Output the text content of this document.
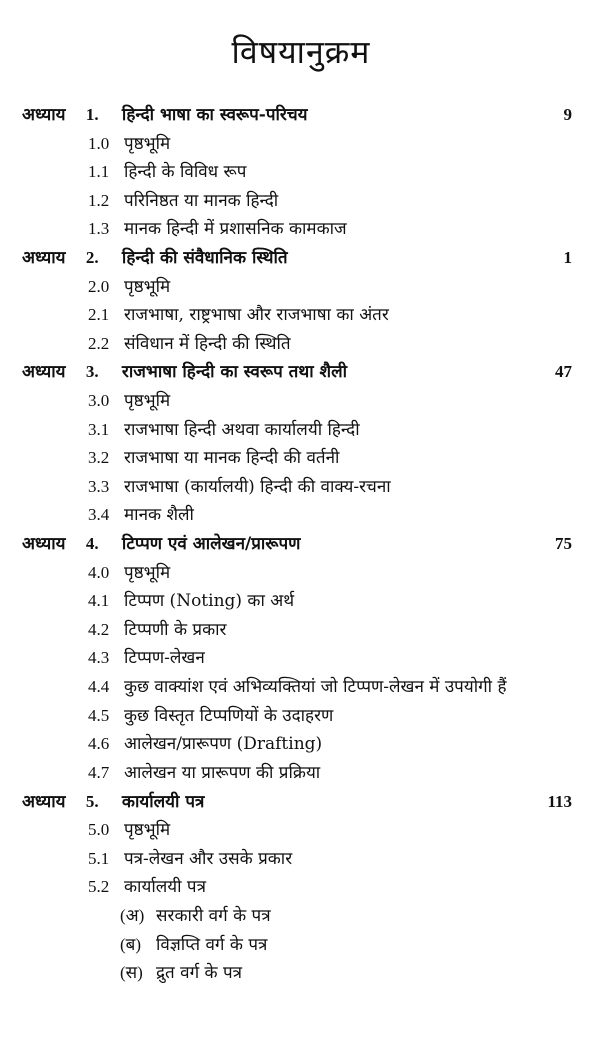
विषयानुक्रम
अध्याय 1. हिन्दी भाषा का स्वरूप-परिचय	9
1.0 पृष्ठभूमि
1.1 हिन्दी के विविध रूप
1.2 परिनिष्ठत या मानक हिन्दी
1.3 मानक हिन्दी में प्रशासनिक कामकाज
अध्याय 2. हिन्दी की संवैधानिक स्थिति	1
2.0 पृष्ठभूमि
2.1 राजभाषा, राष्ट्रभाषा और राजभाषा का अंतर
2.2 संविधान में हिन्दी की स्थिति
अध्याय 3. राजभाषा हिन्दी का स्वरूप तथा शैली	47
3.0 पृष्ठभूमि
3.1 राजभाषा हिन्दी अथवा कार्यालयी हिन्दी
3.2 राजभाषा या मानक हिन्दी की वर्तनी
3.3 राजभाषा (कार्यालयी) हिन्दी की वाक्य-रचना
3.4 मानक शैली
अध्याय 4. टिप्पण एवं आलेखन/प्रारूपण	75
4.0 पृष्ठभूमि
4.1 टिप्पण (Noting) का अर्थ
4.2 टिप्पणी के प्रकार
4.3 टिप्पण-लेखन
4.4 कुछ वाक्यांश एवं अभिव्यक्तियां जो टिप्पण-लेखन में उपयोगी हैं
4.5 कुछ विस्तृत टिप्पणियों के उदाहरण
4.6 आलेखन/प्रारूपण (Drafting)
4.7 आलेखन या प्रारूपण की प्रक्रिया
अध्याय 5. कार्यालयी पत्र	113
5.0 पृष्ठभूमि
5.1 पत्र-लेखन और उसके प्रकार
5.2 कार्यालयी पत्र
(अ) सरकारी वर्ग के पत्र
(ब) विज्ञप्ति वर्ग के पत्र
(स) द्रुत वर्ग के पत्र
